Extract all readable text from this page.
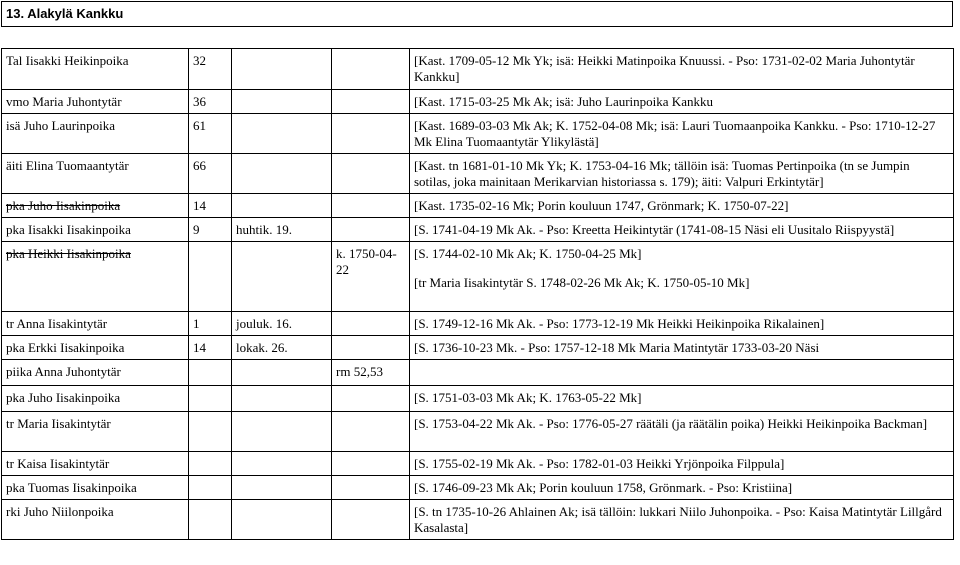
13. Alakylä Kankku
Tal Iisakki Heikinpoika	32			[Kast. 1709-05-12 Mk Yk; isä: Heikki Matinpoika Knuussi. - Pso: 1731-02-02 Maria Juhontytär Kankku]
vmo Maria Juhontytär	36			[Kast. 1715-03-25 Mk Ak; isä: Juho Laurinpoika Kankku
isä Juho Laurinpoika	61			[Kast. 1689-03-03 Mk Ak; K. 1752-04-08 Mk; isä: Lauri Tuomaanpoika Kankku. - Pso: 1710-12-27 Mk Elina Tuomaantytär Ylikylästä]
äiti Elina Tuomaantytär	66			[Kast. tn 1681-01-10 Mk Yk; K. 1753-04-16 Mk; tällöin isä: Tuomas Pertinpoika (tn se Jumpin sotilas, joka mainitaan Merikarvian historiassa s. 179); äiti: Valpuri Erkintytär]
pka Juho Iisakinpoika	14			[Kast. 1735-02-16 Mk; Porin kouluun 1747, Grönmark; K. 1750-07-22]
pka Iisakki Iisakinpoika	9	huhtik. 19.		[S. 1741-04-19 Mk Ak. - Pso: Kreetta Heikintytär (1741-08-15 Näsi eli Uusitalo Riispyystä]
pka Heikki Iisakinpoika			k. 1750-04-22	[S. 1744-02-10 Mk Ak; K. 1750-04-25 Mk]
[tr Maria Iisakintytär S. 1748-02-26 Mk Ak; K. 1750-05-10 Mk]

tr Anna Iisakintytär	1	jouluk. 16.		[S. 1749-12-16 Mk Ak. - Pso: 1773-12-19 Mk Heikki Heikinpoika Rikalainen]
pka Erkki Iisakinpoika	14	lokak. 26.		[S. 1736-10-23 Mk. - Pso: 1757-12-18 Mk Maria Matintytär 1733-03-20 Näsi
piika Anna Juhontytär			rm 52,53	
pka Juho Iisakinpoika				[S. 1751-03-03 Mk Ak; K. 1763-05-22 Mk]
tr Maria Iisakintytär				[S. 1753-04-22 Mk Ak. - Pso: 1776-05-27 räätäli (ja räätälin poika) Heikki Heikinpoika Backman]
tr Kaisa Iisakintytär				[S. 1755-02-19 Mk Ak. - Pso: 1782-01-03 Heikki Yrjönpoika Filppula]
pka Tuomas Iisakinpoika				[S. 1746-09-23 Mk Ak; Porin kouluun 1758, Grönmark. - Pso: Kristiina]
rki Juho Niilonpoika				[S. tn 1735-10-26 Ahlainen Ak; isä tällöin: lukkari Niilo Juhonpoika. - Pso: Kaisa Matintytär Lillgård Kasalasta]
